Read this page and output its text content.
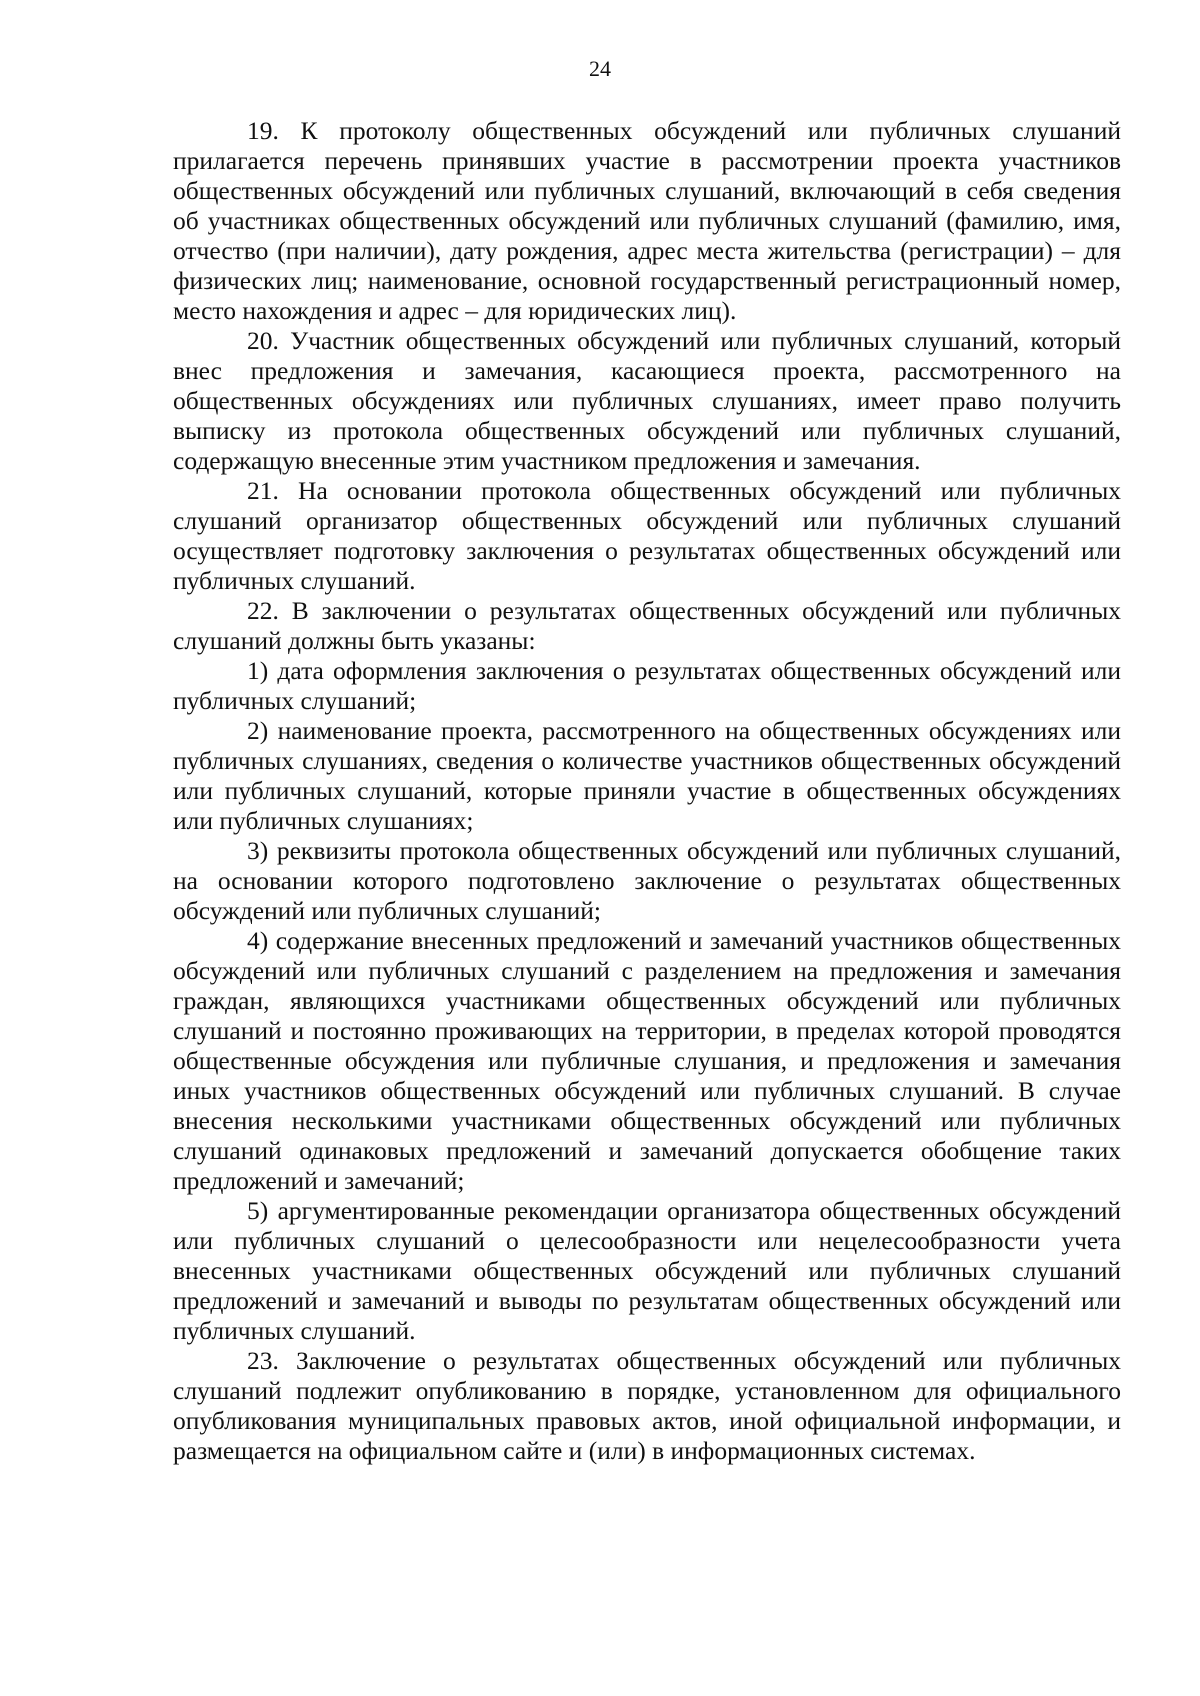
24

19. К протоколу общественных обсуждений или публичных слушаний прилагается перечень принявших участие в рассмотрении проекта участников общественных обсуждений или публичных слушаний, включающий в себя сведения об участниках общественных обсуждений или публичных слушаний (фамилию, имя, отчество (при наличии), дату рождения, адрес места жительства (регистрации) – для физических лиц; наименование, основной государственный регистрационный номер, место нахождения и адрес – для юридических лиц).

20. Участник общественных обсуждений или публичных слушаний, который внес предложения и замечания, касающиеся проекта, рассмотренного на общественных обсуждениях или публичных слушаниях, имеет право получить выписку из протокола общественных обсуждений или публичных слушаний, содержащую внесенные этим участником предложения и замечания.

21. На основании протокола общественных обсуждений или публичных слушаний организатор общественных обсуждений или публичных слушаний осуществляет подготовку заключения о результатах общественных обсуждений или публичных слушаний.

22. В заключении о результатах общественных обсуждений или публичных слушаний должны быть указаны:

1) дата оформления заключения о результатах общественных обсуждений или публичных слушаний;

2) наименование проекта, рассмотренного на общественных обсуждениях или публичных слушаниях, сведения о количестве участников общественных обсуждений или публичных слушаний, которые приняли участие в общественных обсуждениях или публичных слушаниях;

3) реквизиты протокола общественных обсуждений или публичных слушаний, на основании которого подготовлено заключение о результатах общественных обсуждений или публичных слушаний;

4) содержание внесенных предложений и замечаний участников общественных обсуждений или публичных слушаний с разделением на предложения и замечания граждан, являющихся участниками общественных обсуждений или публичных слушаний и постоянно проживающих на территории, в пределах которой проводятся общественные обсуждения или публичные слушания, и предложения и замечания иных участников общественных обсуждений или публичных слушаний. В случае внесения несколькими участниками общественных обсуждений или публичных слушаний одинаковых предложений и замечаний допускается обобщение таких предложений и замечаний;

5) аргументированные рекомендации организатора общественных обсуждений или публичных слушаний о целесообразности или нецелесообразности учета внесенных участниками общественных обсуждений или публичных слушаний предложений и замечаний и выводы по результатам общественных обсуждений или публичных слушаний.

23. Заключение о результатах общественных обсуждений или публичных слушаний подлежит опубликованию в порядке, установленном для официального опубликования муниципальных правовых актов, иной официальной информации, и размещается на официальном сайте и (или) в информационных системах.
